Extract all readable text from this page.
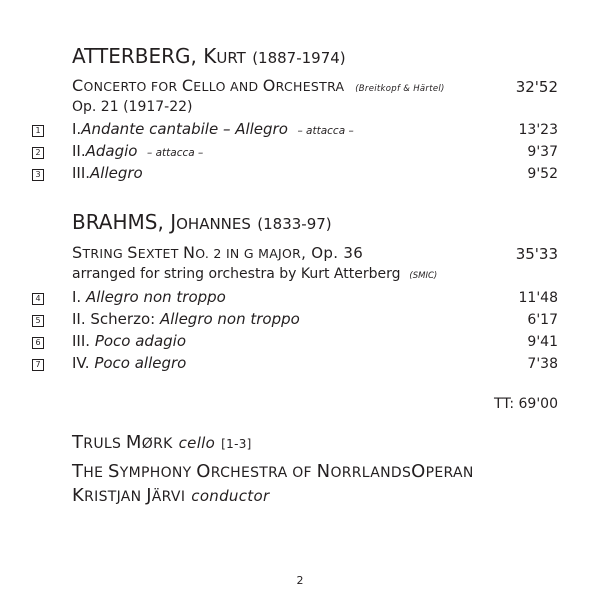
ATTERBERG, KURT (1887-1974)
CONCERTO FOR CELLO AND ORCHESTRA (Breitkopf & Härtel)	32'52
Op. 21 (1917-22)
1 I.Andante cantabile – Allegro – attacca –	13'23
2 II.Adagio – attacca –	9'37
3 III.Allegro	9'52
BRAHMS, JOHANNES (1833-97)
STRING SEXTET NO. 2 IN G MAJOR, Op. 36	35'33
arranged for string orchestra by Kurt Atterberg (SMIC)
4 I. Allegro non troppo	11'48
5 II. Scherzo: Allegro non troppo	6'17
6 III. Poco adagio	9'41
7 IV. Poco allegro	7'38
TT: 69'00
TRULS MØRK cello [1-3]
THE SYMPHONY ORCHESTRA OF NORRLANDSOPERAN
KRISTJAN JÄRVI conductor
2
